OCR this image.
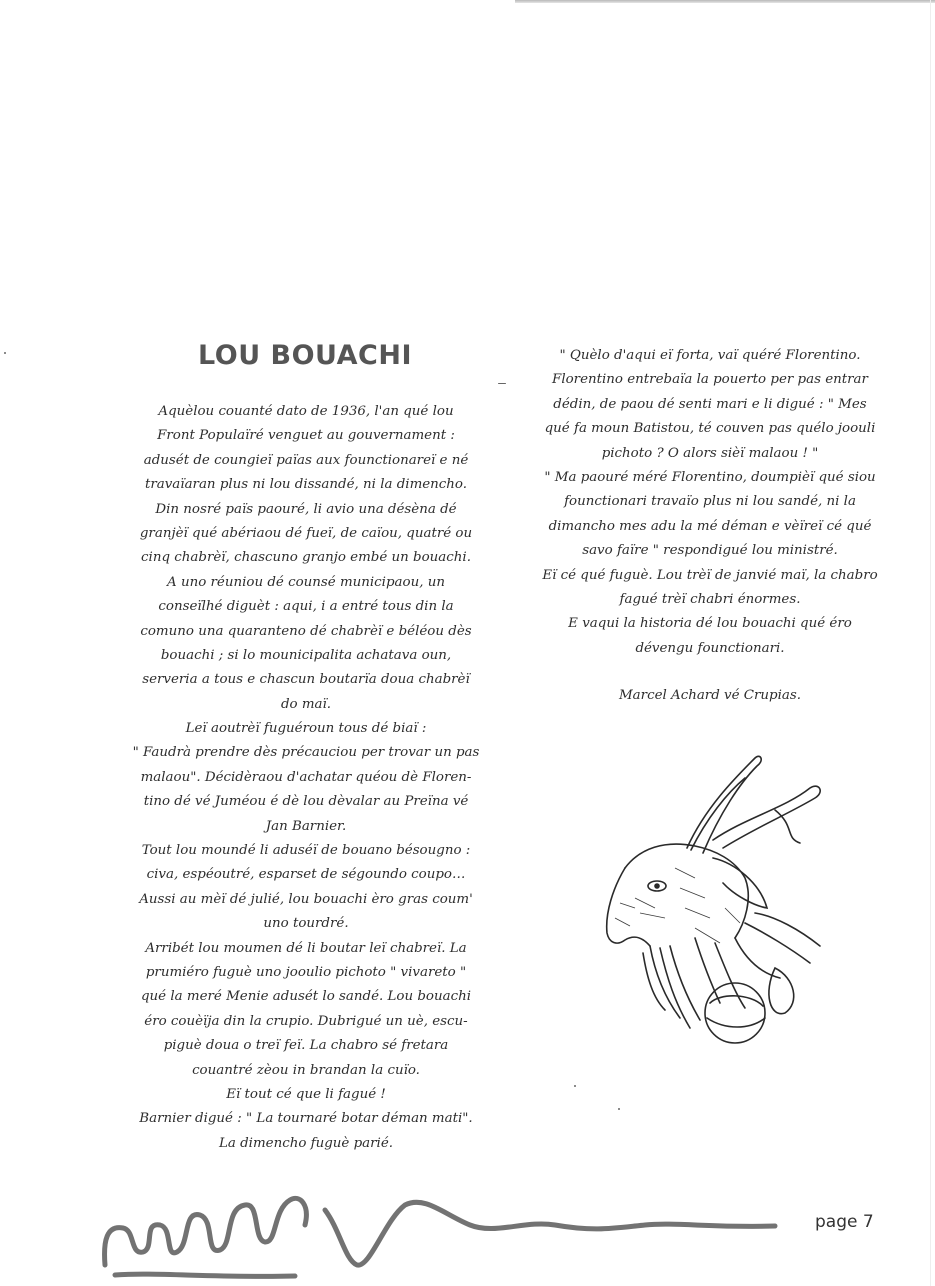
LOU BOUACHI
Aquèlou couanté dato de 1936, l'an qué lou
Front Populaïré venguet au gouvernament :
adusét de coungieï païas aux founctionareï e né
travaïaran plus ni lou dissandé, ni la dimencho.
Din nosré païs paouré, li avio una désèna dé
granjèï qué abériaou dé fueï, de caïou, quatré ou
cinq chabrèï, chascuno granjo embé un bouachi.
A uno réuniou dé counsé municipaou, un
conseïlhé diguèt : aqui, i a entré tous din la
comuno una quaranteno dé chabrèï e béléou dès
bouachi ; si lo mounicipalita achatava oun,
serveria a tous e chascun boutarïa doua chabrèï
do maï.
Leï aoutrèï fuguéroun tous dé biaï :
" Faudrà prendre dès précauciou per trovar un pas
malaou". Décidèraou d'achatar quéou dè Floren-
tino dé vé Juméou é dè lou dèvalar au Preïna vé
Jan Barnier.
Tout lou moundé li aduséï de bouano bésougno :
civa, espéoutré, esparset de ségoundo coupo…
Aussi au mèï dé julié, lou bouachi èro gras coum'
uno tourdré.
Arribét lou moumen dé li boutar leï chabreï. La
prumiéro fuguè uno joouliо pichoto " vivareto "
qué la meré Menie adusét lo sandé. Lou bouachi
éro couèïja din la crupio. Dubrigué un uè, escu-
piguè doua o treï feï. La chabro sé fretara
couantré zèou in brandan la cuïo.
Eï tout cé que li fagué !
Barnier digué : " La tournaré botar déman mati".
La dimencho fuguè parié.
" Quèlo d'aqui eï forta, vaï quéré Florentino.
Florentino entrebaïa la pouerto per pas entrar
dédin, de paou dé senti mari e li digué : " Mes
qué fa moun Batistou, té couven pas quélo joouli
pichoto ? O alors sièï malaou ! "
" Ma paouré méré Florentino, doumpièï qué siou
founctionari travaïo plus ni lou sandé, ni la
dimancho mes adu la mé déman e vèïreï cé qué
savo faïre " respondigué lou ministré.
Eï cé qué fuguè. Lou trèï de janvié maï, la chabro
fagué trèï chabri énormes.
E vaqui la historia dé lou bouachi qué éro
dévengu founctionari.
Marcel Achard vé Crupias.
page 7
